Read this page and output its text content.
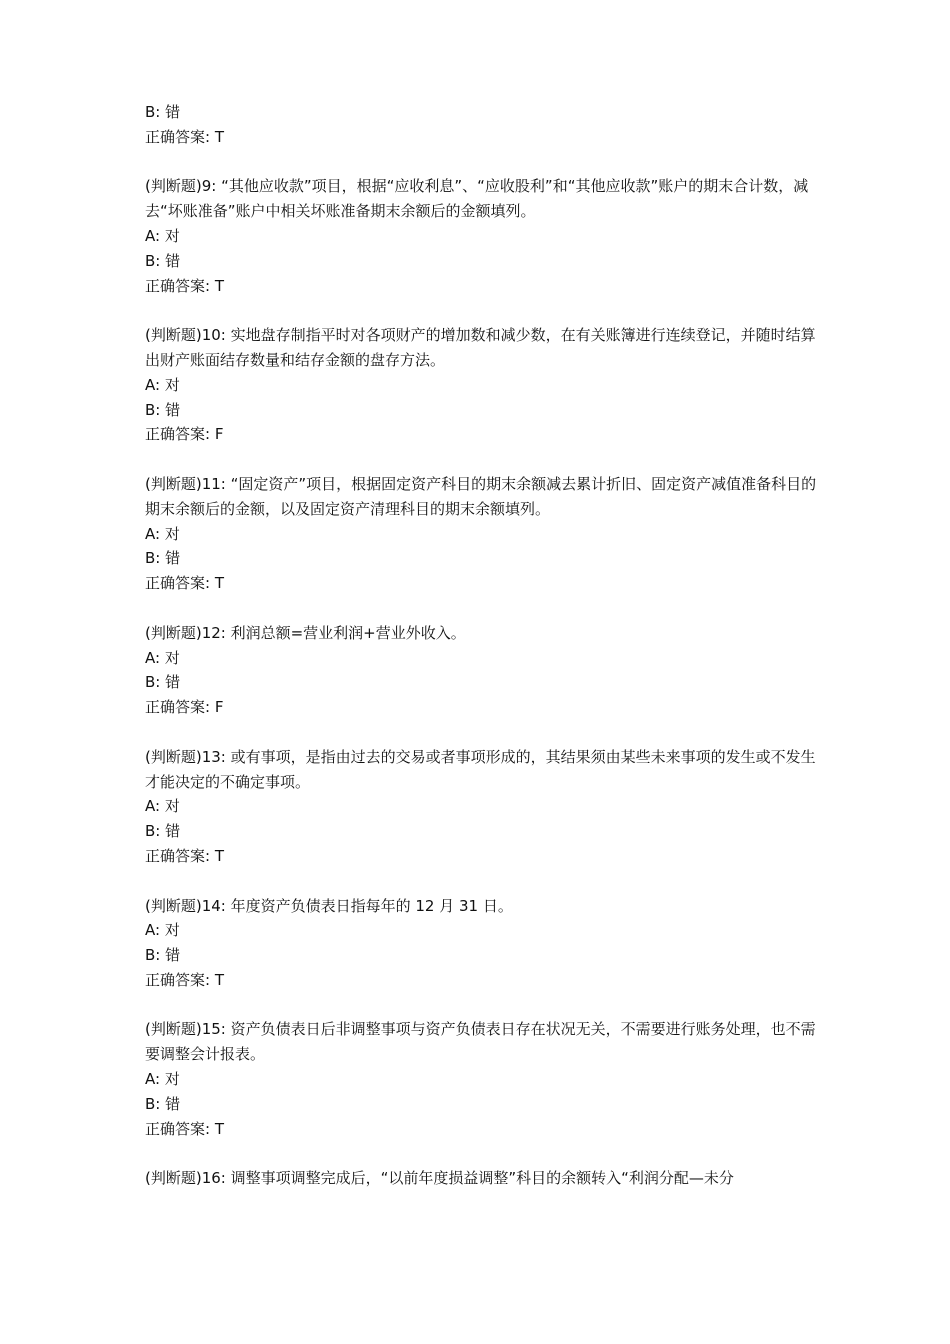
B: 错
正确答案: T
(判断题)9: “其他应收款”项目，根据“应收利息”、“应收股利”和“其他应收款”账户的期末合计数，减去“坏账准备”账户中相关坏账准备期末余额后的金额填列。
A: 对
B: 错
正确答案: T
(判断题)10: 实地盘存制指平时对各项财产的增加数和减少数，在有关账簿进行连续登记，并随时结算出财产账面结存数量和结存金额的盘存方法。
A: 对
B: 错
正确答案: F
(判断题)11: “固定资产”项目，根据固定资产科目的期末余额减去累计折旧、固定资产减值准备科目的期末余额后的金额，以及固定资产清理科目的期末余额填列。
A: 对
B: 错
正确答案: T
(判断题)12: 利润总额=营业利润+营业外收入。
A: 对
B: 错
正确答案: F
(判断题)13: 或有事项，是指由过去的交易或者事项形成的，其结果须由某些未来事项的发生或不发生才能决定的不确定事项。
A: 对
B: 错
正确答案: T
(判断题)14: 年度资产负债表日指每年的 12 月 31 日。
A: 对
B: 错
正确答案: T
(判断题)15: 资产负债表日后非调整事项与资产负债表日存在状况无关，不需要进行账务处理，也不需要调整会计报表。
A: 对
B: 错
正确答案: T
(判断题)16: 调整事项调整完成后，“以前年度损益调整”科目的余额转入“利润分配—未分
